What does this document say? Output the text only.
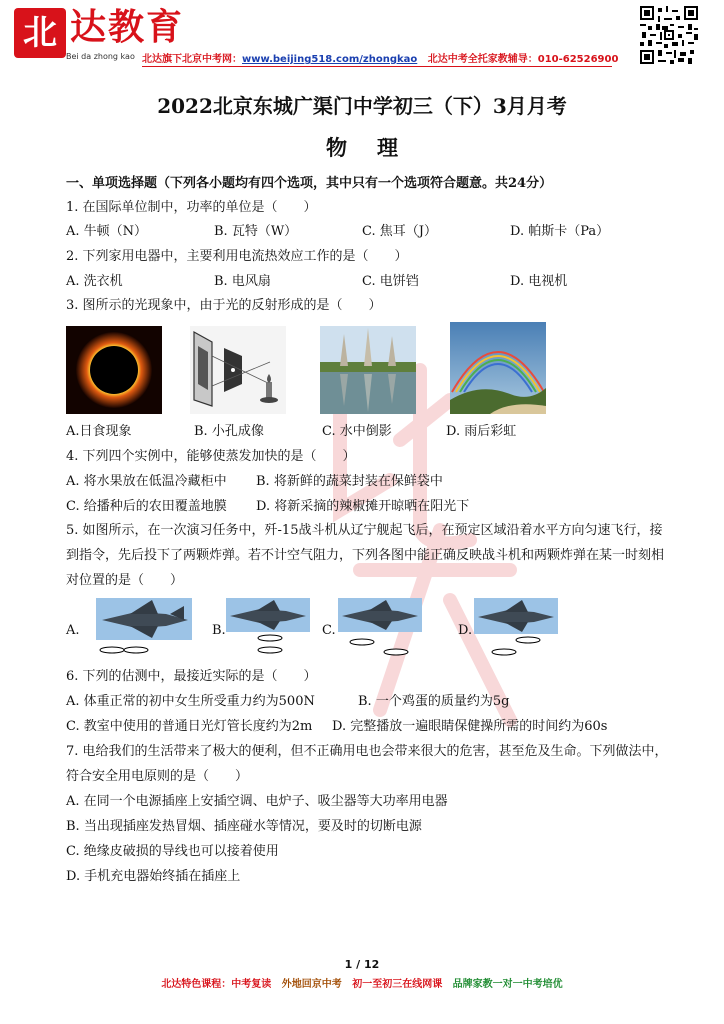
北 达教育
Bei da zhong kao 北达旗下北京中考网：www.beijing518.com/zhongkao 北达中考全托家教辅导：010-62526900
2022北京东城广渠门中学初三（下）3月月考
物理
一、单项选择题（下列各小题均有四个选项，其中只有一个选项符合题意。共24分）
1. 在国际单位制中，功率的单位是（　　）
A. 牛顿（N）	B. 瓦特（W）	C. 焦耳（J）	D. 帕斯卡（Pa）
2. 下列家用电器中，主要利用电流热效应工作的是（　　）
A. 洗衣机	B. 电风扇	C. 电饼铛	D. 电视机
3. 图所示的光现象中，由于光的反射形成的是（　　）
A.日食现象	B. 小孔成像	C. 水中倒影	D. 雨后彩虹
4. 下列四个实例中，能够使蒸发加快的是（　　）
A. 将水果放在低温冷藏柜中 B. 将新鲜的蔬菜封装在保鲜袋中
C. 给播种后的农田覆盖地膜 D. 将新采摘的辣椒摊开晾晒在阳光下
5. 如图所示，在一次演习任务中，歼-15战斗机从辽宁舰起飞后，在预定区域沿着水平方向匀速飞行，接
到指令，先后投下了两颗炸弹。若不计空气阻力，下列各图中能正确反映战斗机和两颗炸弹在某一时刻相
对位置的是（　　）
A.	B.	C.	D.
6. 下列的估测中，最接近实际的是（　　）
A. 体重正常的初中女生所受重力约为500N	B. 一个鸡蛋的质量约为5g
C. 教室中使用的普通日光灯管长度约为2m D. 完整播放一遍眼睛保健操所需的时间约为60s
7. 电给我们的生活带来了极大的便利，但不正确用电也会带来很大的危害，甚至危及生命。下列做法中，
符合安全用电原则的是（　　）
A. 在同一个电源插座上安插空调、电炉子、吸尘器等大功率用电器
B. 当出现插座发热冒烟、插座碰水等情况，要及时的切断电源
C. 绝缘皮破损的导线也可以接着使用
D. 手机充电器始终插在插座上
1 / 12
北达特色课程：中考复读 外地回京中考 初一至初三在线网课 品牌家教一对一中考培优
